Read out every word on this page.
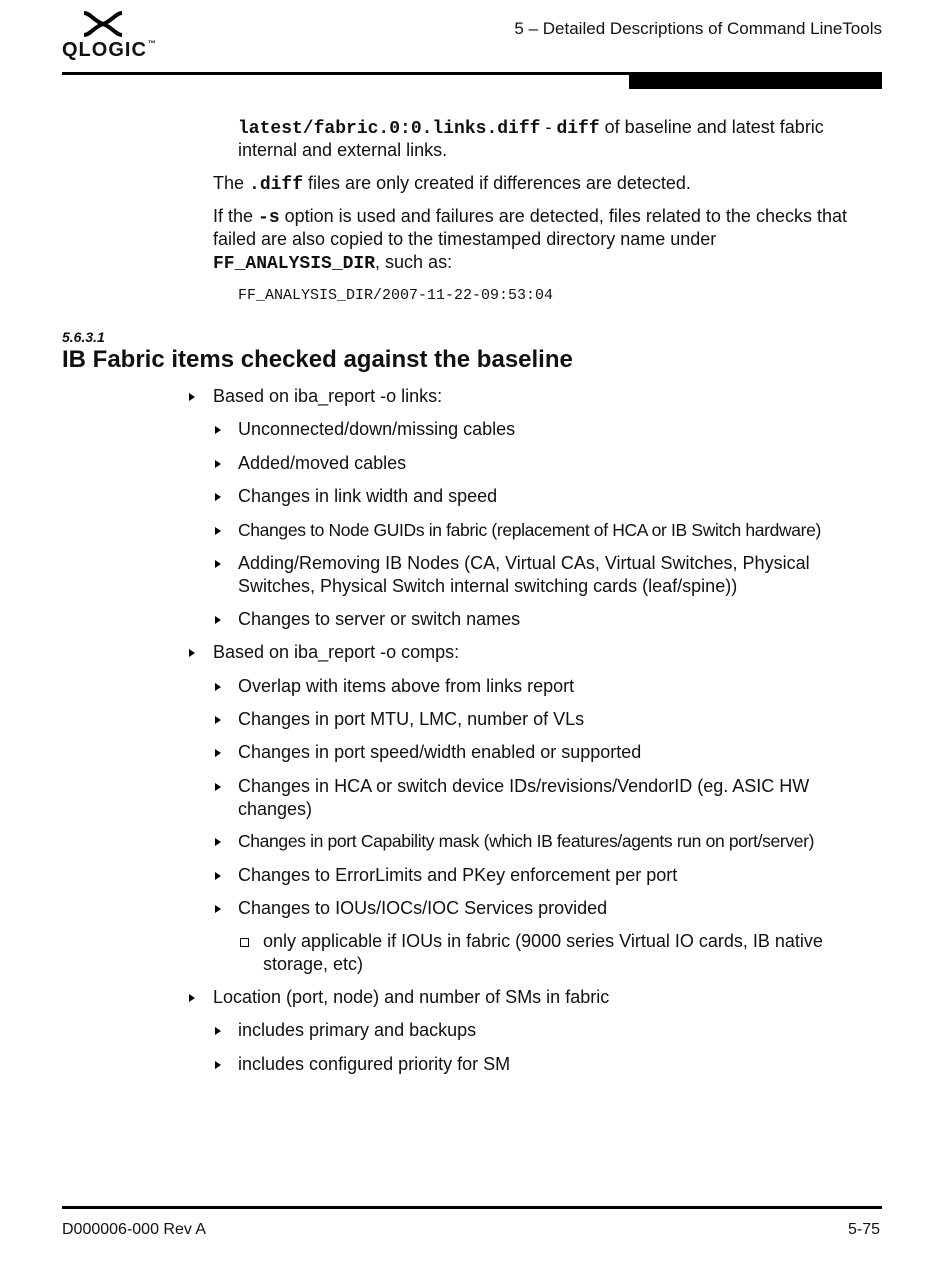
QLOGIC™
5 – Detailed Descriptions of Command LineTools
latest/fabric.0:0.links.diff - diff of baseline and latest fabric
internal and external links.
The .diff files are only created if differences are detected.
If the -s option is used and failures are detected, files related to the checks that
failed are also copied to the timestamped directory name under
FF_ANALYSIS_DIR, such as:
FF_ANALYSIS_DIR/2007-11-22-09:53:04
5.6.3.1
IB Fabric items checked against the baseline
Based on iba_report -o links:
Unconnected/down/missing cables
Added/moved cables
Changes in link width and speed
Changes to Node GUIDs in fabric (replacement of HCA or IB Switch hardware)
Adding/Removing IB Nodes (CA, Virtual CAs, Virtual Switches, Physical
Switches, Physical Switch internal switching cards (leaf/spine))
Changes to server or switch names
Based on iba_report -o comps:
Overlap with items above from links report
Changes in port MTU, LMC, number of VLs
Changes in port speed/width enabled or supported
Changes in HCA or switch device IDs/revisions/VendorID (eg. ASIC HW
changes)
Changes in port Capability mask (which IB features/agents run on port/server)
Changes to ErrorLimits and PKey enforcement per port
Changes to IOUs/IOCs/IOC Services provided
only applicable if IOUs in fabric (9000 series Virtual IO cards, IB native
storage, etc)
Location (port, node) and number of SMs in fabric
includes primary and backups
includes configured priority for SM
D000006-000 Rev A	5-75
